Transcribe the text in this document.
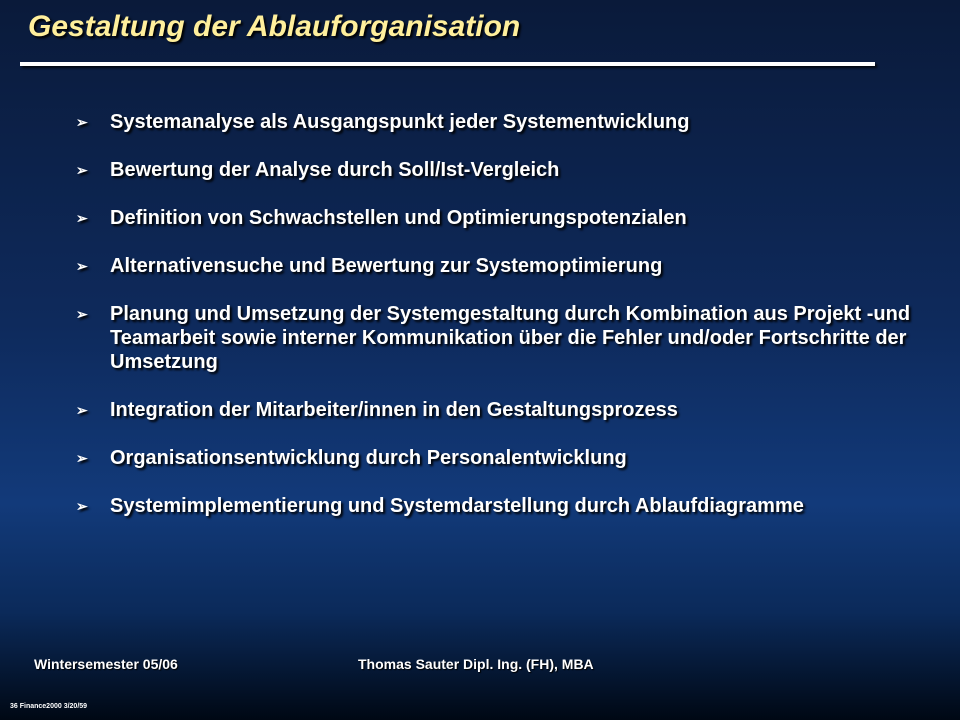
Gestaltung der Ablauforganisation
➢	Systemanalyse als Ausgangspunkt jeder Systementwicklung
➢	Bewertung der Analyse durch Soll/Ist-Vergleich
➢	Definition von Schwachstellen und Optimierungspotenzialen
➢	Alternativensuche und Bewertung zur Systemoptimierung
➢	Planung und Umsetzung der Systemgestaltung durch Kombination aus Projekt -und Teamarbeit sowie interner Kommunikation über die Fehler und/oder Fortschritte der Umsetzung
➢	Integration der Mitarbeiter/innen in den Gestaltungsprozess
➢	Organisationsentwicklung durch Personalentwicklung
➢	Systemimplementierung und Systemdarstellung durch Ablaufdiagramme
Wintersemester 05/06	Thomas Sauter Dipl. Ing. (FH), MBA
36 Finance2000 3/20/59
